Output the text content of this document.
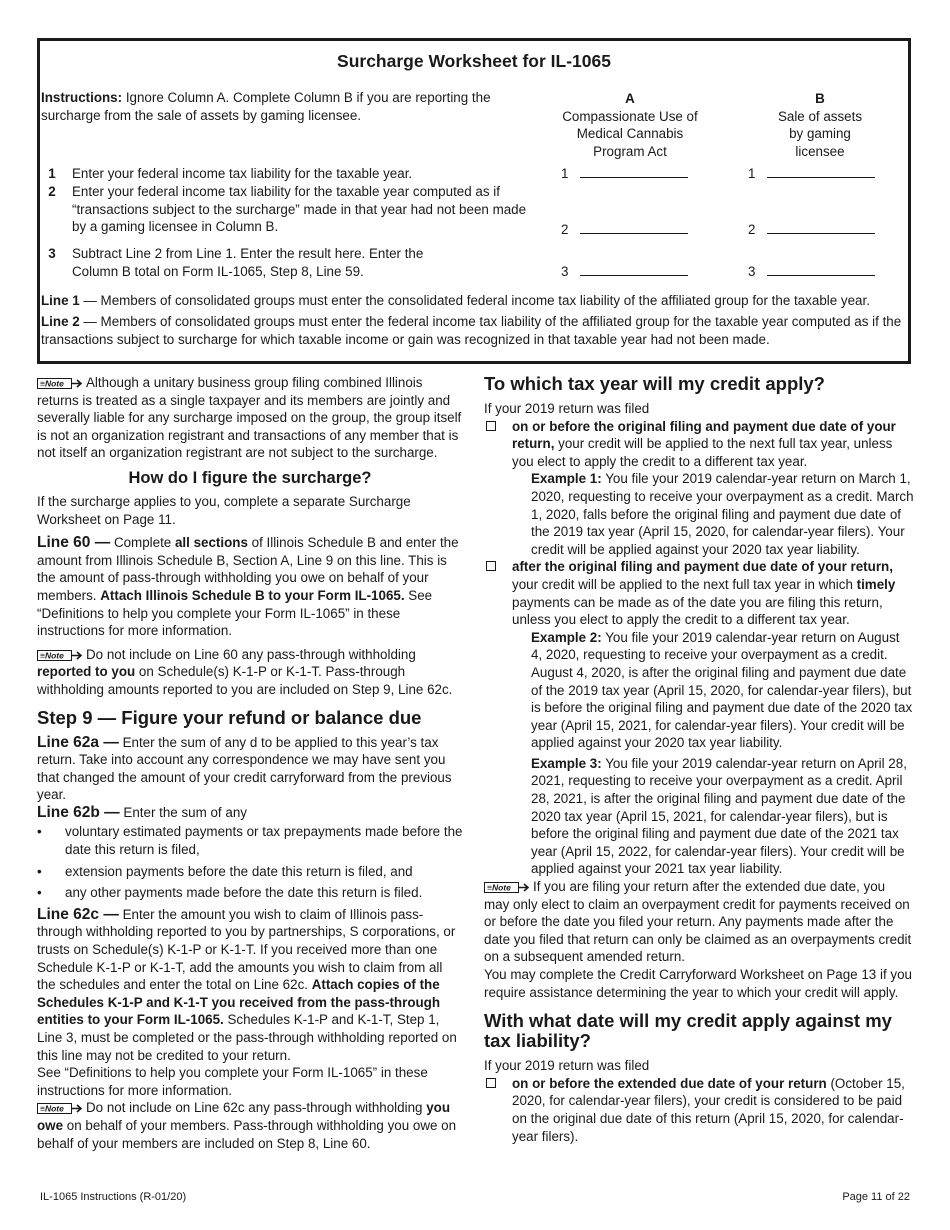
Surcharge Worksheet for IL-1065
Instructions: Ignore Column A. Complete Column B if you are reporting the surcharge from the sale of assets by gaming licensee.
A
Compassionate Use of Medical Cannabis Program Act
B
Sale of assets by gaming licensee
1	Enter your federal income tax liability for the taxable year.	1	1
2	Enter your federal income tax liability for the taxable year computed as if “transactions subject to the surcharge” made in that year had not been made by a gaming licensee in Column B.	2	2
3	Subtract Line 2 from Line 1. Enter the result here. Enter the Column B total on Form IL-1065, Step 8, Line 59.	3	3
Line 1 — Members of consolidated groups must enter the consolidated federal income tax liability of the affiliated group for the taxable year.
Line 2 — Members of consolidated groups must enter the federal income tax liability of the affiliated group for the taxable year computed as if the transactions subject to surcharge for which taxable income or gain was recognized in that taxable year had not been made.

≡Note Although a unitary business group filing combined Illinois returns is treated as a single taxpayer and its members are jointly and severally liable for any surcharge imposed on the group, the group itself is not an organization registrant and transactions of any member that is not itself an organization registrant are not subject to the surcharge.

How do I figure the surcharge?

If the surcharge applies to you, complete a separate Surcharge Worksheet on Page 11.

Line 60 — Complete all sections of Illinois Schedule B and enter the amount from Illinois Schedule B, Section A, Line 9 on this line. This is the amount of pass-through withholding you owe on behalf of your members. Attach Illinois Schedule B to your Form IL-1065. See “Definitions to help you complete your Form IL-1065” in these instructions for more information.

≡Note Do not include on Line 60 any pass-through withholding reported to you on Schedule(s) K-1-P or K-1-T. Pass-through withholding amounts reported to you are included on Step 9, Line 62c.

Step 9 — Figure your refund or balance due

Line 62a — Enter the sum of any d to be applied to this year’s tax return. Take into account any correspondence we may have sent you that changed the amount of your credit carryforward from the previous year.

Line 62b — Enter the sum of any

• voluntary estimated payments or tax prepayments made before the date this return is filed,
• extension payments before the date this return is filed, and
• any other payments made before the date this return is filed.

Line 62c — Enter the amount you wish to claim of Illinois pass-through withholding reported to you by partnerships, S corporations, or trusts on Schedule(s) K-1-P or K-1-T. If you received more than one Schedule K-1-P or K-1-T, add the amounts you wish to claim from all the schedules and enter the total on Line 62c. Attach copies of the Schedules K-1-P and K-1-T you received from the pass-through entities to your Form IL-1065. Schedules K-1-P and K-1-T, Step 1, Line 3, must be completed or the pass-through withholding reported on this line may not be credited to your return.

See “Definitions to help you complete your Form IL-1065” in these instructions for more information.

≡Note Do not include on Line 62c any pass-through withholding you owe on behalf of your members. Pass-through withholding you owe on behalf of your members are included on Step 8, Line 60.

To which tax year will my credit apply?

If your 2019 return was filed

on or before the original filing and payment due date of your return, your credit will be applied to the next full tax year, unless you elect to apply the credit to a different tax year.
Example 1: You file your 2019 calendar-year return on March 1, 2020, requesting to receive your overpayment as a credit. March 1, 2020, falls before the original filing and payment due date of the 2019 tax year (April 15, 2020, for calendar-year filers). Your credit will be applied against your 2020 tax year liability.
after the original filing and payment due date of your return, your credit will be applied to the next full tax year in which timely payments can be made as of the date you are filing this return, unless you elect to apply the credit to a different tax year.
Example 2: You file your 2019 calendar-year return on August 4, 2020, requesting to receive your overpayment as a credit. August 4, 2020, is after the original filing and payment due date of the 2019 tax year (April 15, 2020, for calendar-year filers), but is before the original filing and payment due date of the 2020 tax year (April 15, 2021, for calendar-year filers). Your credit will be applied against your 2020 tax year liability.
Example 3: You file your 2019 calendar-year return on April 28, 2021, requesting to receive your overpayment as a credit. April 28, 2021, is after the original filing and payment due date of the 2020 tax year (April 15, 2021, for calendar-year filers), but is before the original filing and payment due date of the 2021 tax year (April 15, 2022, for calendar-year filers). Your credit will be applied against your 2021 tax year liability.

≡Note If you are filing your return after the extended due date, you may only elect to claim an overpayment credit for payments received on or before the date you filed your return. Any payments made after the date you filed that return can only be claimed as an overpayments credit on a subsequent amended return.

You may complete the Credit Carryforward Worksheet on Page 13 if you require assistance determining the year to which your credit will apply.

With what date will my credit apply against my tax liability?

If your 2019 return was filed

on or before the extended due date of your return (October 15, 2020, for calendar-year filers), your credit is considered to be paid on the original due date of this return (April 15, 2020, for calendar-year filers).
IL-1065 Instructions (R-01/20)	Page 11 of 22
